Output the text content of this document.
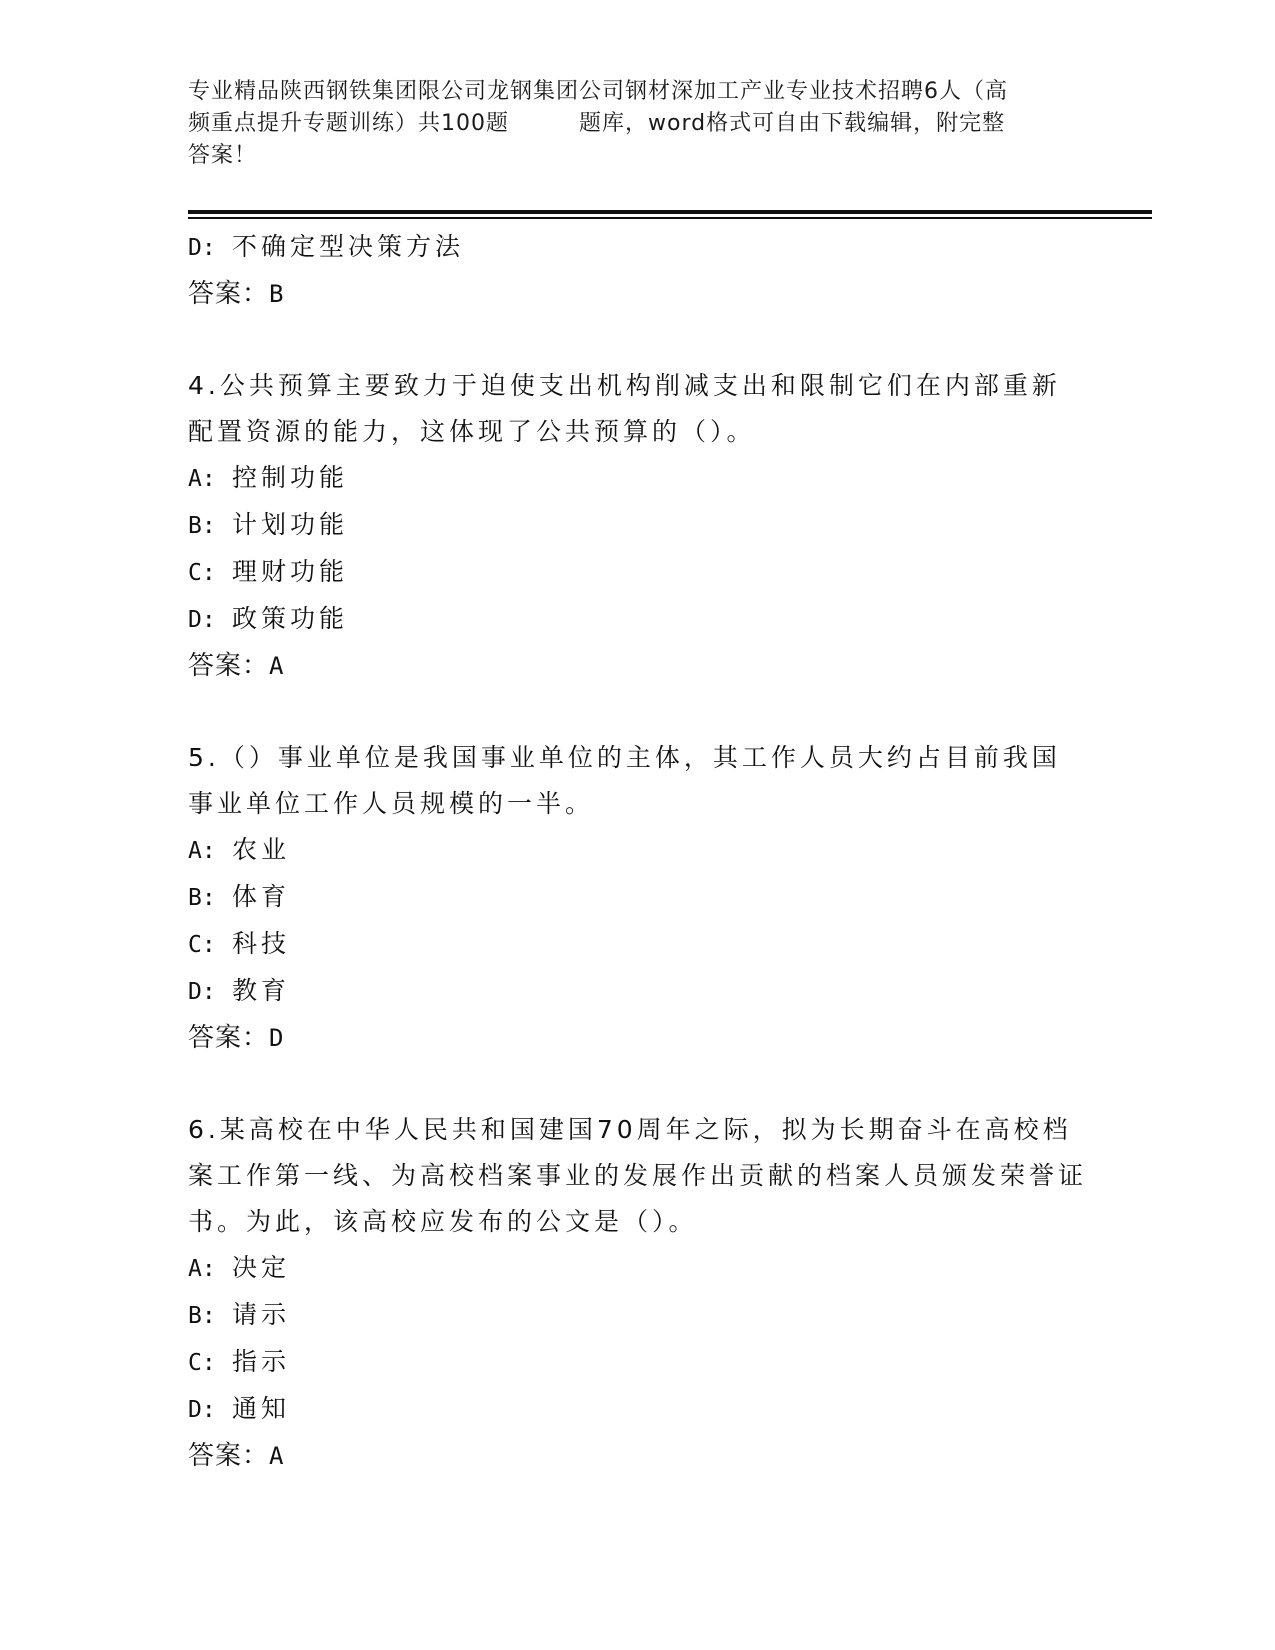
专业精品陕西钢铁集团限公司龙钢集团公司钢材深加工产业专业技术招聘6人（高
频重点提升专题训练）共100题	题库，word格式可自由下载编辑，附完整
答案！
D: 不确定型决策方法
答案：B
4.公共预算主要致力于迫使支出机构削减支出和限制它们在内部重新配置资源的能力，这体现了公共预算的（）。
A: 控制功能
B: 计划功能
C: 理财功能
D: 政策功能
答案：A
5.（）事业单位是我国事业单位的主体，其工作人员大约占目前我国事业单位工作人员规模的一半。
A: 农业
B: 体育
C: 科技
D: 教育
答案：D
6.某高校在中华人民共和国建国70周年之际，拟为长期奋斗在高校档案工作第一线、为高校档案事业的发展作出贡献的档案人员颁发荣誉证书。为此，该高校应发布的公文是（）。
A: 决定
B: 请示
C: 指示
D: 通知
答案：A
